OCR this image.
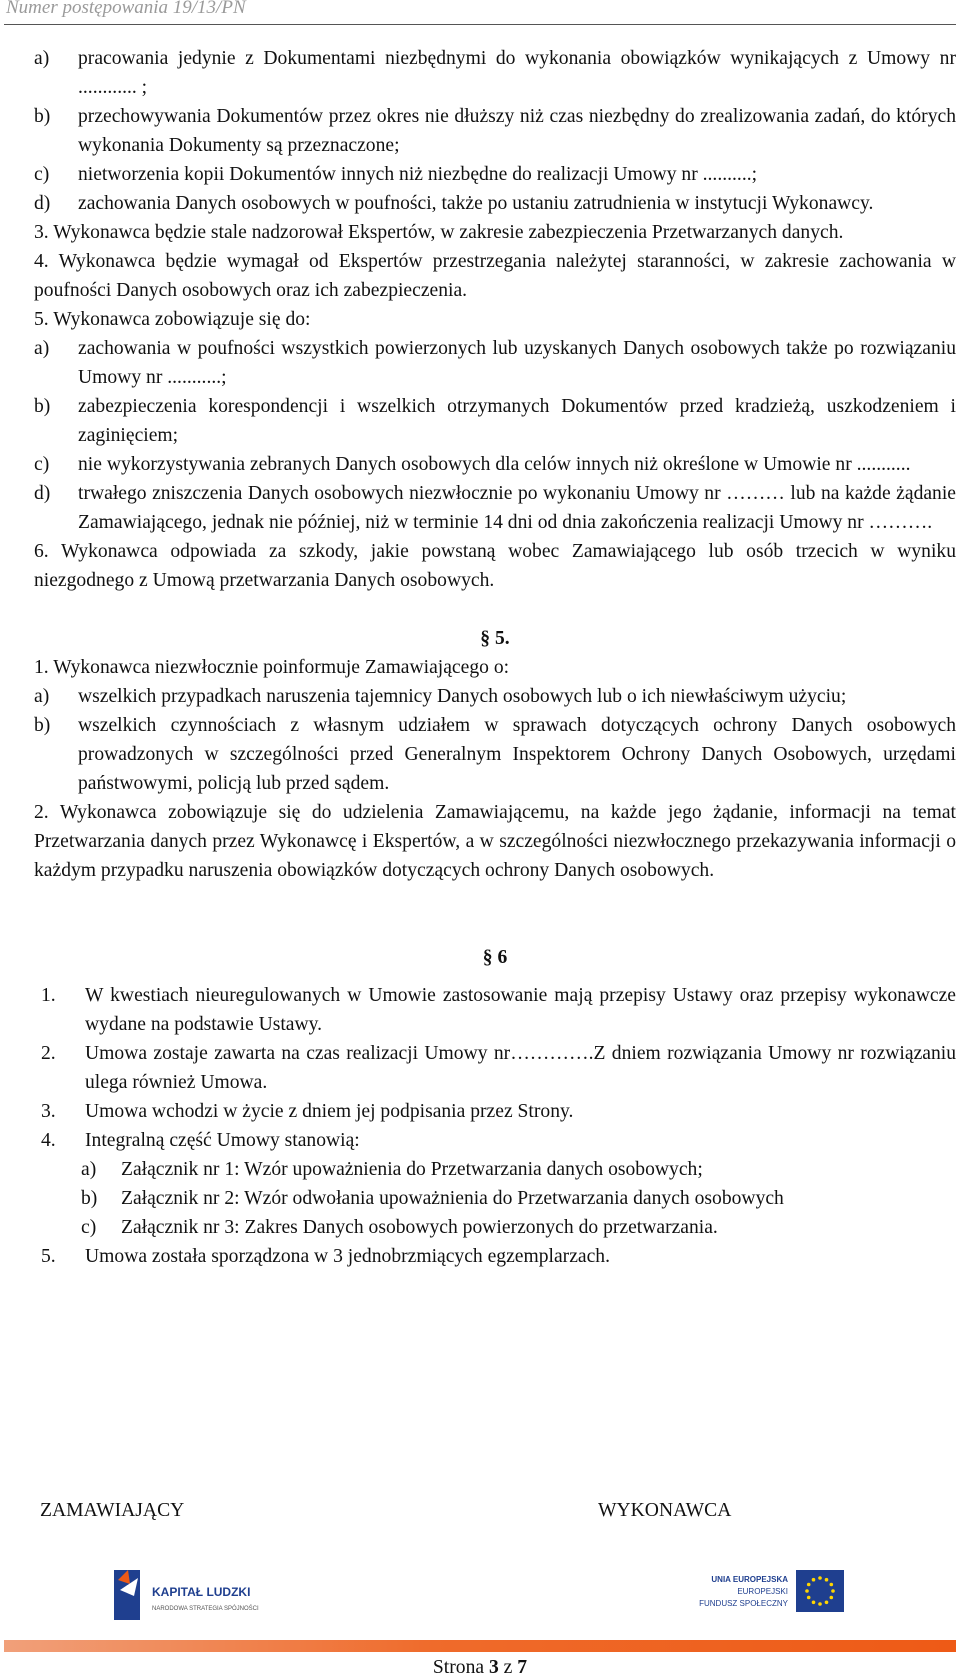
Numer postępowania 19/13/PN

a) pracowania jedynie z Dokumentami niezbędnymi do wykonania obowiązków wynikających z Umowy nr ............ ;

b) przechowywania Dokumentów przez okres nie dłuższy niż czas niezbędny do zrealizowania zadań, do których wykonania Dokumenty są przeznaczone;

c) nietworzenia kopii Dokumentów innych niż niezbędne do realizacji Umowy nr ..........;

d) zachowania Danych osobowych w poufności, także po ustaniu zatrudnienia w instytucji Wykonawcy.

3. Wykonawca będzie stale nadzorował Ekspertów, w zakresie zabezpieczenia Przetwarzanych danych.

4. Wykonawca będzie wymagał od Ekspertów przestrzegania należytej staranności, w zakresie zachowania w poufności Danych osobowych oraz ich zabezpieczenia.

5. Wykonawca zobowiązuje się do:

a) zachowania w poufności wszystkich powierzonych lub uzyskanych Danych osobowych także po rozwiązaniu Umowy nr ...........;

b) zabezpieczenia korespondencji i wszelkich otrzymanych Dokumentów przed kradzieżą, uszkodzeniem i zaginięciem;

c) nie wykorzystywania zebranych Danych osobowych dla celów innych niż określone w Umowie nr ...........

d) trwałego zniszczenia Danych osobowych niezwłocznie po wykonaniu Umowy nr ……… lub na każde żądanie Zamawiającego, jednak nie później, niż w terminie 14 dni od dnia zakończenia realizacji Umowy nr ……….

6. Wykonawca odpowiada za szkody, jakie powstaną wobec Zamawiającego lub osób trzecich w wyniku niezgodnego z Umową przetwarzania Danych osobowych.

§ 5.

1. Wykonawca niezwłocznie poinformuje Zamawiającego o:

a) wszelkich przypadkach naruszenia tajemnicy Danych osobowych lub o ich niewłaściwym użyciu;

b) wszelkich czynnościach z własnym udziałem w sprawach dotyczących ochrony Danych osobowych prowadzonych w szczególności przed Generalnym Inspektorem Ochrony Danych Osobowych, urzędami państwowymi, policją lub przed sądem.

2. Wykonawca zobowiązuje się do udzielenia Zamawiającemu, na każde jego żądanie, informacji na temat Przetwarzania danych przez Wykonawcę i Ekspertów, a w szczególności niezwłocznego przekazywania informacji o każdym przypadku naruszenia obowiązków dotyczących ochrony Danych osobowych.

§ 6

1. W kwestiach nieuregulowanych w Umowie zastosowanie mają przepisy Ustawy oraz przepisy wykonawcze wydane na podstawie Ustawy.

2. Umowa zostaje zawarta na czas realizacji Umowy nr………….Z dniem rozwiązania Umowy nr rozwiązaniu ulega również Umowa.

3. Umowa wchodzi w życie z dniem jej podpisania przez Strony.

4. Integralną część Umowy stanowią:

a) Załącznik nr 1: Wzór upoważnienia do Przetwarzania danych osobowych;

b) Załącznik nr 2: Wzór odwołania upoważnienia do Przetwarzania danych osobowych

c) Załącznik nr 3: Zakres Danych osobowych powierzonych do przetwarzania.

5. Umowa została sporządzona w 3 jednobrzmiących egzemplarzach.

ZAMAWIAJĄCY	WYKONAWCA
KAPITAŁ LUDZKI
NARODOWA STRATEGIA SPÓJNOŚCI
UNIA EUROPEJSKA
EUROPEJSKI
FUNDUSZ SPOŁECZNY
Strona 3 z 7
